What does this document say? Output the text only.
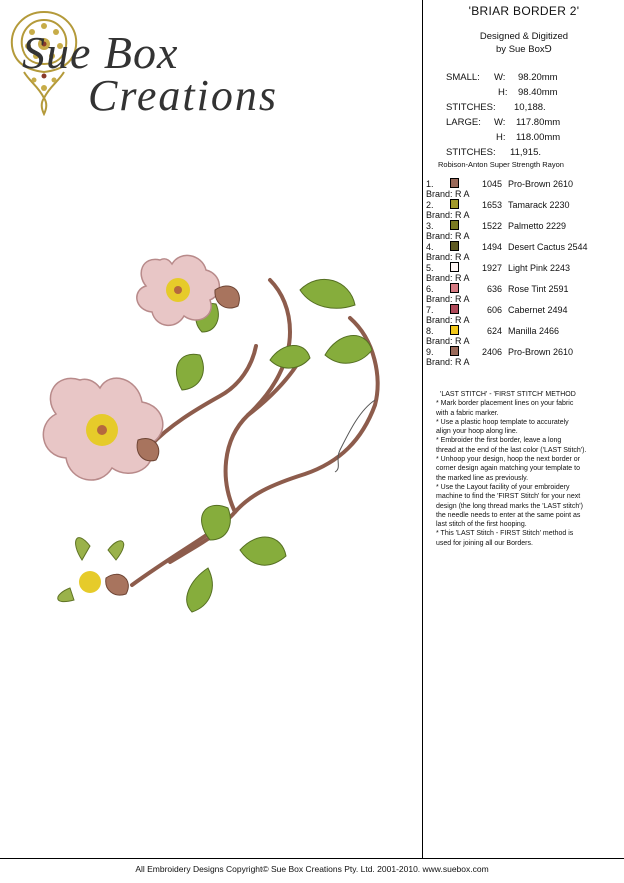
Sue Box
Creations
'BRIAR BORDER 2'
Designed & Digitized
by Sue Box⅁
SMALL: W: 98.20mm
H: 98.40mm
STITCHES: 10,188.
LARGE: W: 117.80mm
H: 118.00mm
STITCHES: 11,915.
Robison-Anton Super Strength Rayon
1.	1045 Pro-Brown 2610
Brand: R A
2.	1653 Tamarack 2230
Brand: R A
3.	1522 Palmetto 2229
Brand: R A
4.	1494 Desert Cactus 2544
Brand: R A
5.	1927 Light Pink 2243
Brand: R A
6.	636 Rose Tint 2591
Brand: R A
7.	606 Cabernet 2494
Brand: R A
8.	624 Manilla 2466
Brand: R A
9.	2406 Pro-Brown 2610
Brand: R A
'LAST STITCH' - 'FIRST STITCH' METHOD
* Mark border placement lines on your fabric
with a fabric marker.
* Use a plastic hoop template to accurately
align your hoop along line.
* Embroider the first border, leave a long
thread at the end of the last color ('LAST Stitch').
* Unhoop your design, hoop the next border or
corner design again matching your template to
the marked line as previously.
* Use the Layout facility of your embroidery
machine to find the 'FIRST Stitch' for your next
design (the long thread marks the 'LAST stitch')
the needle needs to enter at the same point as
last stitch of the first hooping.
* This 'LAST Stitch - FIRST Stitch' method is
used for joining all our Borders.
All Embroidery Designs Copyright© Sue Box Creations Pty. Ltd. 2001-2010. www.suebox.com
